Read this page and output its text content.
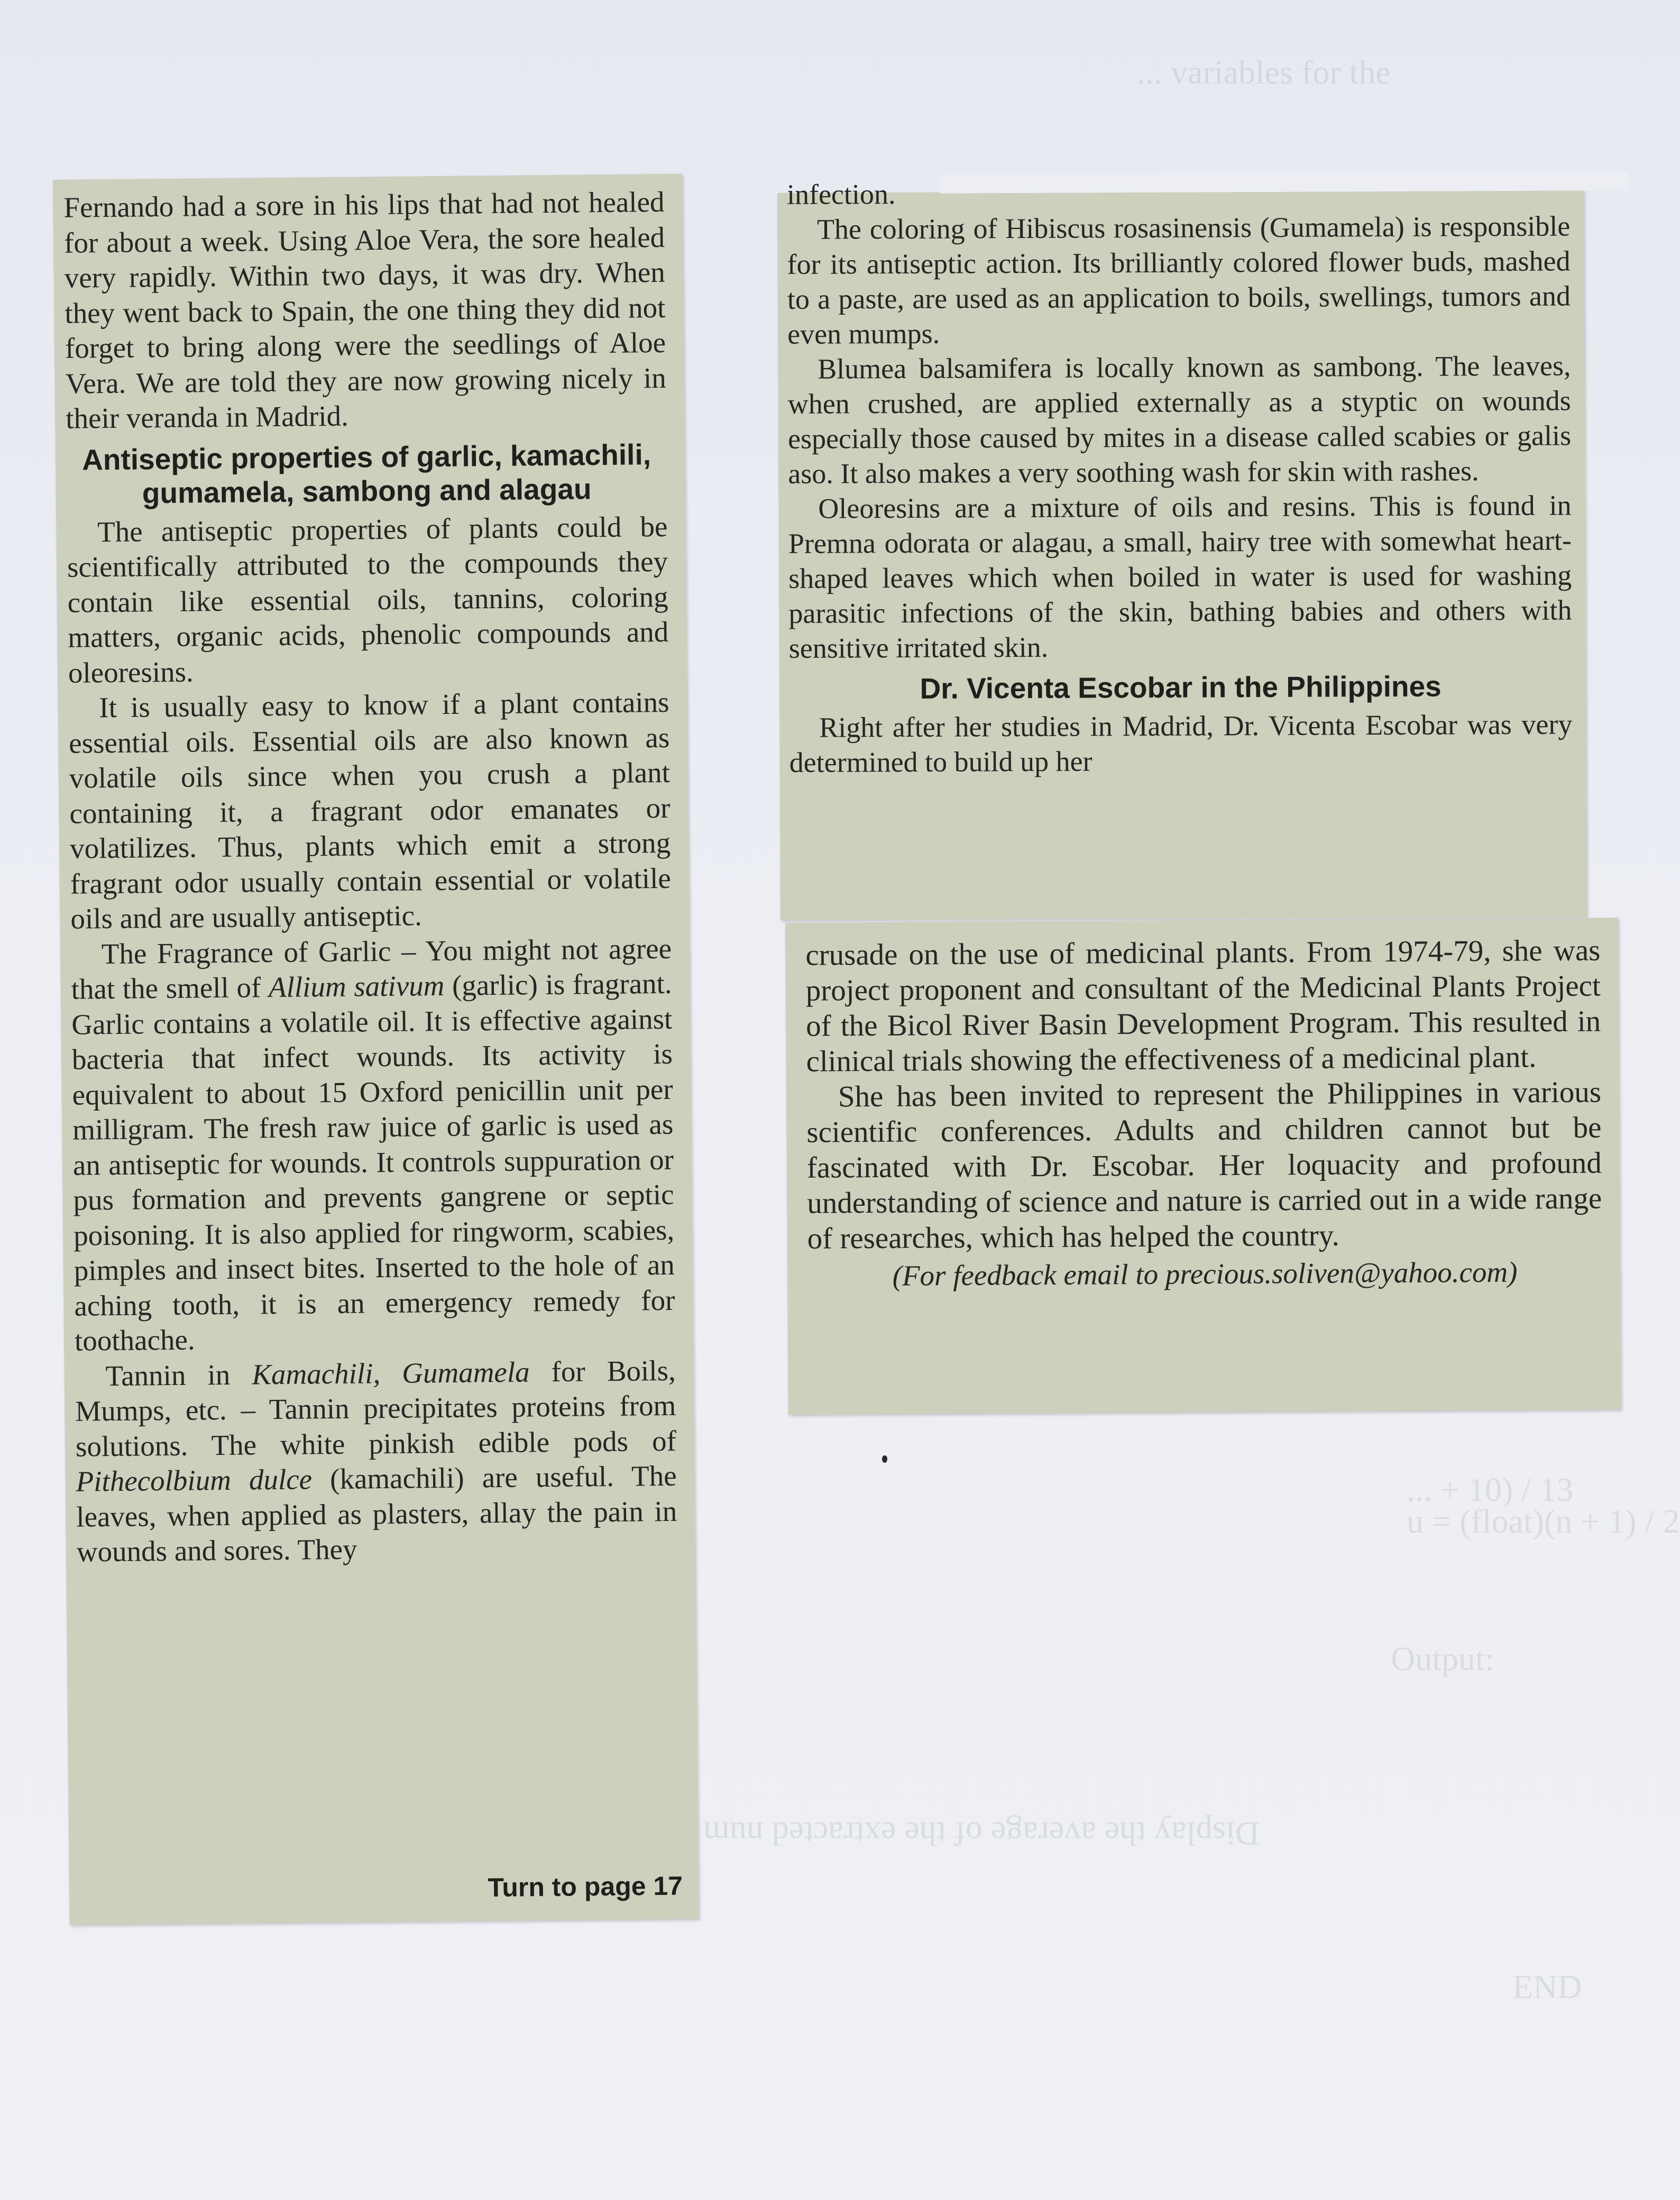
... variables for the
... + 10) / 13
u = (float)(n + 1) / 2
Output:
Display the average of the extracted num
END

Fernando had a sore in his lips that had not healed for about a week. Using Aloe Vera, the sore healed very rapidly. Within two days, it was dry. When they went back to Spain, the one thing they did not forget to bring along were the seedlings of Aloe Vera. We are told they are now growing nicely in their veranda in Madrid.

Antiseptic properties of garlic, kamachili, gumamela, sambong and alagau

The antiseptic properties of plants could be scientifically attributed to the compounds they contain like essential oils, tannins, coloring matters, organic acids, phenolic compounds and oleoresins.

It is usually easy to know if a plant contains essential oils. Essential oils are also known as volatile oils since when you crush a plant containing it, a fragrant odor emanates or volatilizes. Thus, plants which emit a strong fragrant odor usually contain essential or volatile oils and are usually antiseptic.

The Fragrance of Garlic – You might not agree that the smell of Allium sativum (garlic) is fragrant. Garlic contains a volatile oil. It is effective against bacteria that infect wounds. Its activity is equivalent to about 15 Oxford penicillin unit per milligram. The fresh raw juice of garlic is used as an antiseptic for wounds. It controls suppuration or pus formation and prevents gangrene or septic poisoning. It is also applied for ringworm, scabies, pimples and insect bites. Inserted to the hole of an aching tooth, it is an emergency remedy for toothache.

Tannin in Kamachili, Gumamela for Boils, Mumps, etc. – Tannin precipitates proteins from solutions. The white pinkish edible pods of Pithecolbium dulce (kamachili) are useful. The leaves, when applied as plasters, allay the pain in wounds and sores. They

Turn to page 17

infection.

The coloring of Hibiscus rosasinensis (Gumamela) is responsible for its antiseptic action. Its brilliantly colored flower buds, mashed to a paste, are used as an application to boils, swellings, tumors and even mumps.

Blumea balsamifera is locally known as sambong. The leaves, when crushed, are applied externally as a styptic on wounds especially those caused by mites in a disease called scabies or galis aso. It also makes a very soothing wash for skin with rashes.

Oleoresins are a mixture of oils and resins. This is found in Premna odorata or alagau, a small, hairy tree with somewhat heart-shaped leaves which when boiled in water is used for washing parasitic infections of the skin, bathing babies and others with sensitive irritated skin.

Dr. Vicenta Escobar in the Philippines

Right after her studies in Madrid, Dr. Vicenta Escobar was very determined to build up her

crusade on the use of medicinal plants. From 1974-79, she was project proponent and consultant of the Medicinal Plants Project of the Bicol River Basin Development Program. This resulted in clinical trials showing the effectiveness of a medicinal plant.

She has been invited to represent the Philippines in various scientific conferences. Adults and children cannot but be fascinated with Dr. Escobar. Her loquacity and profound understanding of science and nature is carried out in a wide range of researches, which has helped the country.

(For feedback email to precious.soliven@yahoo.com)
